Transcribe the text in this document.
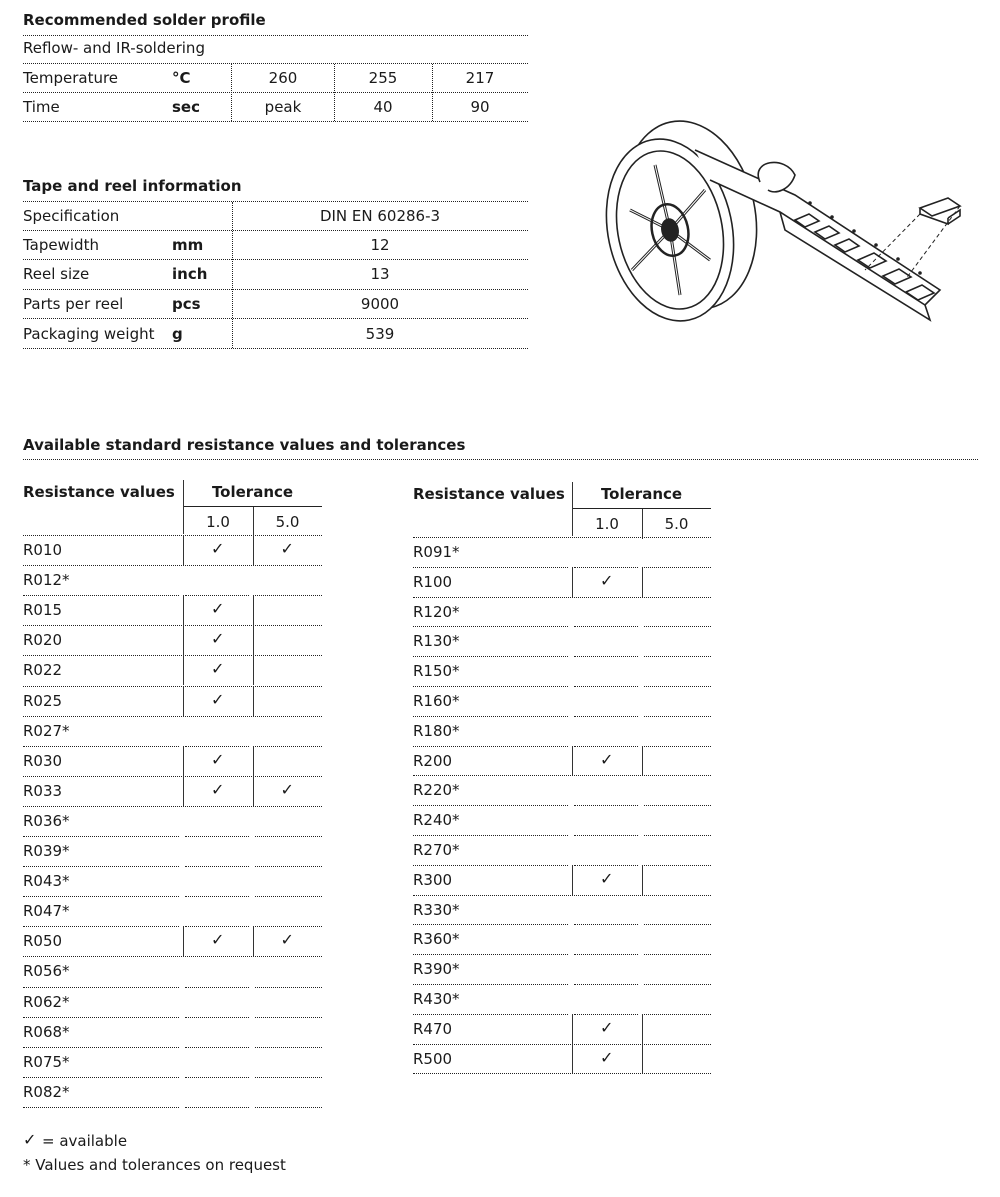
Recommended solder profile
Reflow- and IR-soldering
Temperature	°C	260	255	217
Time	sec	peak	40	90
Tape and reel information
Specification	DIN EN 60286-3
Tapewidth	mm	12
Reel size	inch	13
Parts per reel	pcs	9000
Packaging weight g	539
Available standard resistance values and tolerances
Resistance values	Tolerance
1.0	5.0
R010	✓	✓
R012*
R015	✓
R020	✓
R022	✓
R025	✓
R027*
R030	✓
R033	✓	✓
R036*
R039*
R043*
R047*
R050	✓	✓
R056*
R062*
R068*
R075*
R082*
Resistance values	Tolerance
1.0	5.0
R091*
R100	✓
R120*
R130*
R150*
R160*
R180*
R200	✓
R220*
R240*
R270*
R300	✓
R330*
R360*
R390*
R430*
R470	✓
R500	✓
✓ = available
* Values and tolerances on request
